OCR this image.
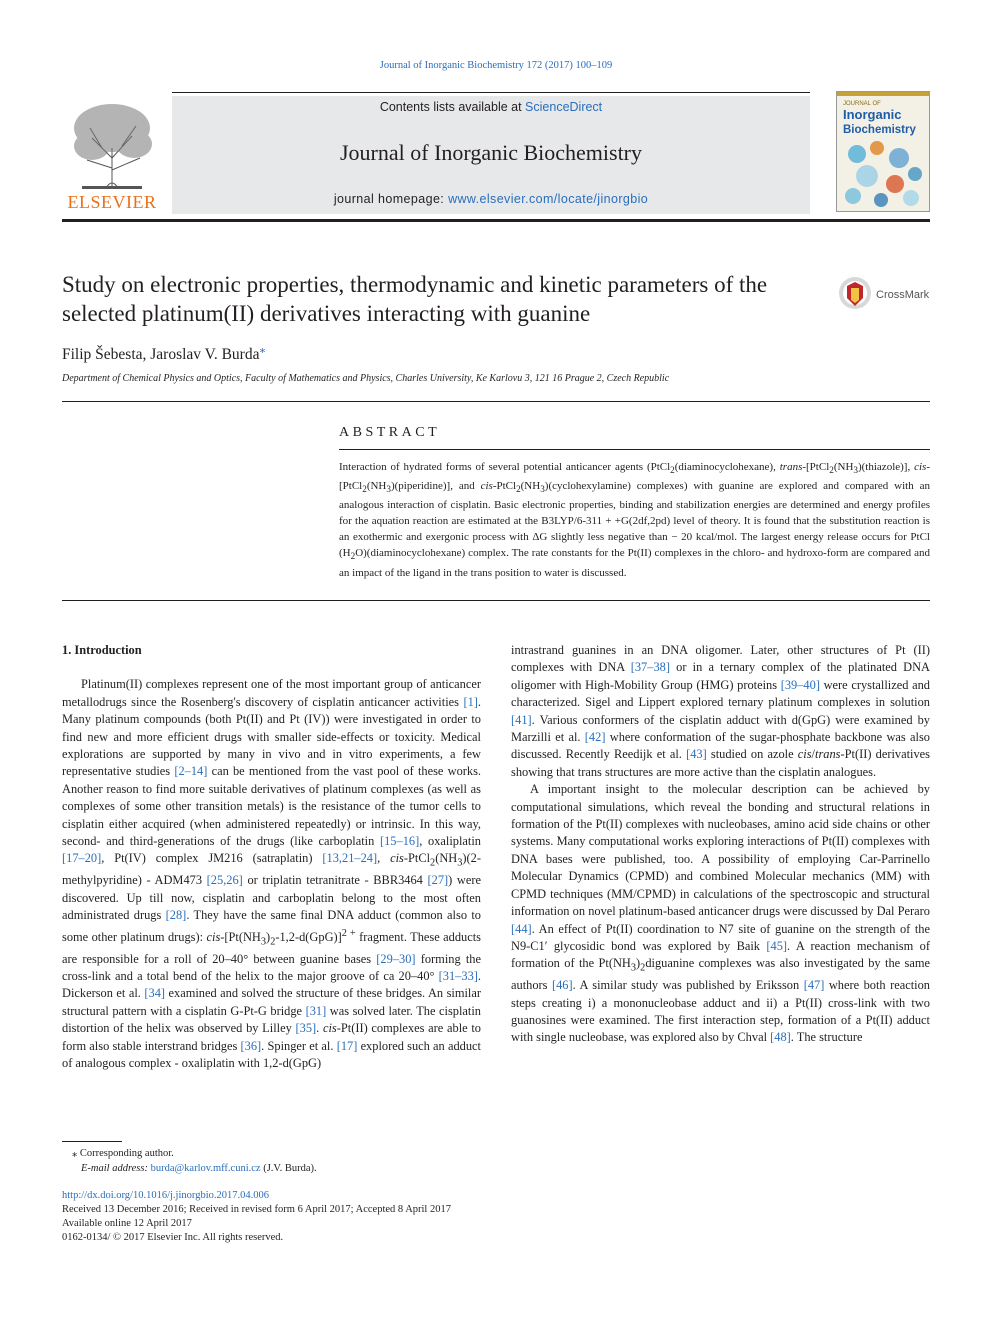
Journal of Inorganic Biochemistry 172 (2017) 100–109
ELSEVIER
Contents lists available at ScienceDirect
Journal of Inorganic Biochemistry
journal homepage: www.elsevier.com/locate/jinorgbio
JOURNAL OF
Inorganic
Biochemistry
Study on electronic properties, thermodynamic and kinetic parameters of the selected platinum(II) derivatives interacting with guanine
CrossMark
Filip Šebesta, Jaroslav V. Burda⁎
Department of Chemical Physics and Optics, Faculty of Mathematics and Physics, Charles University, Ke Karlovu 3, 121 16 Prague 2, Czech Republic
ABSTRACT
Interaction of hydrated forms of several potential anticancer agents (PtCl$_2$(diaminocyclohexane), trans-$[PtCl_2(NH_3)(thiazole)]$, cis-$[PtCl_2(NH_3)(piperidine)]$, and cis-$PtCl_2(NH_3)(cyclohexylamine)$ complexes) with guanine are explored and compared with an analogous interaction of cisplatin. Basic electronic properties, binding and stabilization energies are determined and energy profiles for the aquation reaction are estimated at the B3LYP/6-311 + +G(2df,2pd) level of theory. It is found that the substitution reaction is an exothermic and exergonic process with ΔG slightly less negative than − 20 kcal/mol. The largest energy release occurs for PtCl $(H_2O)(diaminocyclohexane)$ complex. The rate constants for the Pt(II) complexes in the chloro- and hydroxo-form are compared and an impact of the ligand in the trans position to water is discussed.
1. Introduction

Platinum(II) complexes represent one of the most important group of anticancer metallodrugs since the Rosenberg's discovery of cisplatin anticancer activities [1]. Many platinum compounds (both Pt(II) and Pt (IV)) were investigated in order to find new and more efficient drugs with smaller side-effects or toxicity. Medical explorations are supported by many in vivo and in vitro experiments, a few representative studies [2–14] can be mentioned from the vast pool of these works. Another reason to find more suitable derivatives of platinum complexes (as well as complexes of some other transition metals) is the resistance of the tumor cells to cisplatin either acquired (when administered repeatedly) or intrinsic. In this way, second- and third-generations of the drugs (like carboplatin [15–16], oxaliplatin [17–20], Pt(IV) complex JM216 (satraplatin) [13,21–24], cis-$PtCl_2(NH_3)(2-methylpyridine) - ADM473$ [25,26] or triplatin tetranitrate - BBR3464 [27]) were discovered. Up till now, cisplatin and carboplatin belong to the most often administrated drugs [28]. They have the same final DNA adduct (common also to some other platinum drugs): cis-$[Pt(NH_3)_2-1,2-d(GpG)]^{2 +}$ fragment. These adducts are responsible for a roll of 20–40° between guanine bases [29–30] forming the cross-link and a total bend of the helix to the major groove of ca 20–40° [31–33]. Dickerson et al. [34] examined and solved the structure of these bridges. An similar structural pattern with a cisplatin G-Pt-G bridge [31] was solved later. The cisplatin distortion of the helix was observed by Lilley [35]. cis-Pt(II) complexes are able to form also stable interstrand bridges [36]. Spinger et al. [17] explored such an adduct of analogous complex - oxaliplatin with 1,2-d(GpG)

intrastrand guanines in an DNA oligomer. Later, other structures of Pt (II) complexes with DNA [37–38] or in a ternary complex of the platinated DNA oligomer with High-Mobility Group (HMG) proteins [39–40] were crystallized and characterized. Sigel and Lippert explored ternary platinum complexes in solution [41]. Various conformers of the cisplatin adduct with d(GpG) were examined by Marzilli et al. [42] where conformation of the sugar-phosphate backbone was also discussed. Recently Reedijk et al. [43] studied on azole cis/trans-Pt(II) derivatives showing that trans structures are more active than the cisplatin analogues.

A important insight to the molecular description can be achieved by computational simulations, which reveal the bonding and structural relations in formation of the Pt(II) complexes with nucleobases, amino acid side chains or other systems. Many computational works exploring interactions of Pt(II) complexes with DNA bases were published, too. A possibility of employing Car-Parrinello Molecular Dynamics (CPMD) and combined Molecular mechanics (MM) with CPMD techniques (MM/CPMD) in calculations of the spectroscopic and structural information on novel platinum-based anticancer drugs were discussed by Dal Peraro [44]. An effect of Pt(II) coordination to N7 site of guanine on the strength of the N9-C1′ glycosidic bond was explored by Baik [45]. A reaction mechanism of formation of the $Pt(NH_3)_2diguanine$ complexes was also investigated by the same authors [46]. A similar study was published by Eriksson [47] where both reaction steps creating i) a mononucleobase adduct and ii) a Pt(II) cross-link with two guanosines were examined. The first interaction step, formation of a Pt(II) adduct with single nucleobase, was explored also by Chval [48]. The structure

⁎ Corresponding author.
E-mail address: burda@karlov.mff.cuni.cz (J.V. Burda).
http://dx.doi.org/10.1016/j.jinorgbio.2017.04.006
Received 13 December 2016; Received in revised form 6 April 2017; Accepted 8 April 2017
Available online 12 April 2017
0162-0134/ © 2017 Elsevier Inc. All rights reserved.
